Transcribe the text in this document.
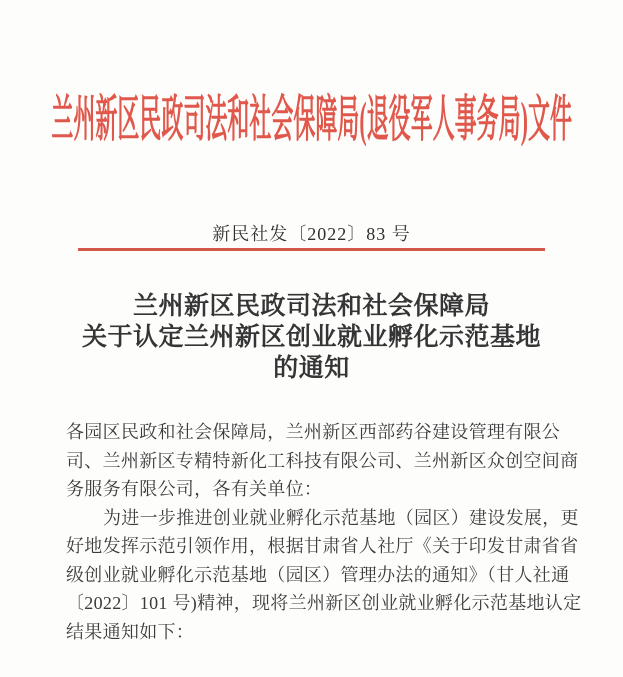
兰州新区民政司法和社会保障局(退役军人事务局)文件
新民社发〔2022〕83 号
兰州新区民政司法和社会保障局
关于认定兰州新区创业就业孵化示范基地
的通知
各园区民政和社会保障局，兰州新区西部药谷建设管理有限公
司、兰州新区专精特新化工科技有限公司、兰州新区众创空间商
务服务有限公司，各有关单位：
为进一步推进创业就业孵化示范基地（园区）建设发展，更
好地发挥示范引领作用，根据甘肃省人社厅《关于印发甘肃省省
级创业就业孵化示范基地（园区）管理办法的通知》（甘人社通
〔2022〕101 号)精神，现将兰州新区创业就业孵化示范基地认定
结果通知如下：
